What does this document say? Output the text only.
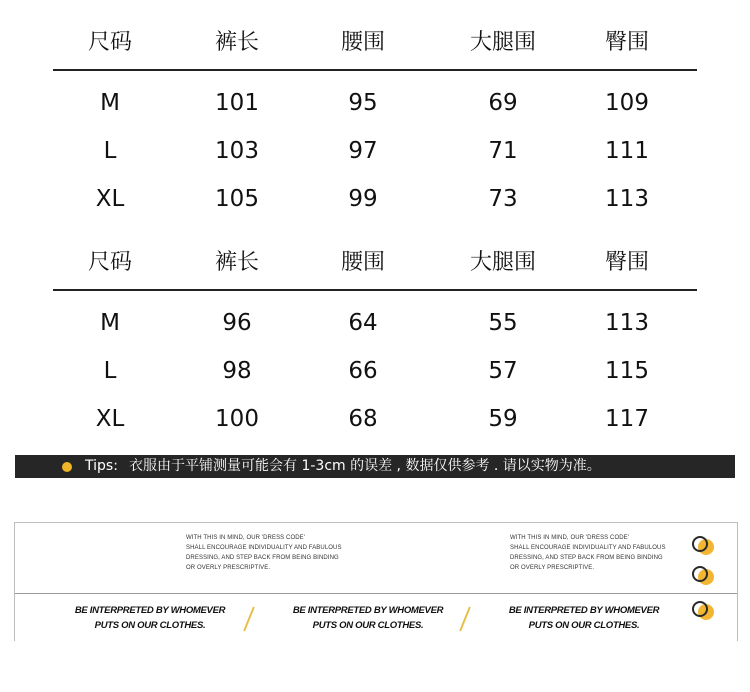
尺码	裤长	腰围	大腿围	臀围
M	101	95	69	109
L	103	97	71	111
XL	105	99	73	113
尺码	裤长	腰围	大腿围	臀围
M	96	64	55	113
L	98	66	57	115
XL	100	68	59	117
Tips: 衣服由于平铺测量可能会有 1-3cm 的误差 , 数据仅供参考 . 请以实物为准。
WITH THIS IN MIND, OUR 'DRESS CODE'
SHALL ENCOURAGE INDIVIDUALITY AND FABULOUS
DRESSING, AND STEP BACK FROM BEING BINDING
OR OVERLY PRESCRIPTIVE.
WITH THIS IN MIND, OUR 'DRESS CODE'
SHALL ENCOURAGE INDIVIDUALITY AND FABULOUS
DRESSING, AND STEP BACK FROM BEING BINDING
OR OVERLY PRESCRIPTIVE.
BE INTERPRETED BY WHOMEVER
PUTS ON OUR CLOTHES.
BE INTERPRETED BY WHOMEVER
PUTS ON OUR CLOTHES.
BE INTERPRETED BY WHOMEVER
PUTS ON OUR CLOTHES.
